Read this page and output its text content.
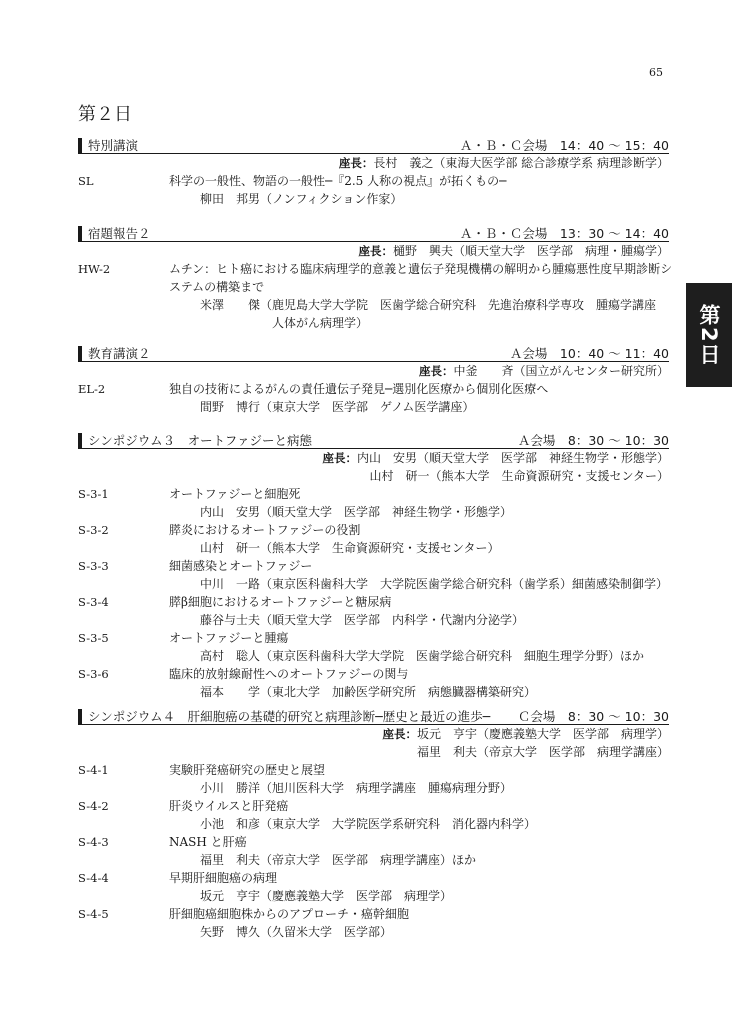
65
第２日
第2日
特別講演	Ａ・Ｂ・Ｃ会場　14：40 〜 15：40
座長： 長村　義之（東海大医学部 総合診療学系 病理診断学）
SL	科学の一般性、物語の一般性─『2.5 人称の視点』が拓くもの─
柳田　邦男（ノンフィクション作家）
宿題報告２	Ａ・Ｂ・Ｃ会場　13：30 〜 14：40
座長： 樋野　興夫（順天堂大学　医学部　病理・腫瘍学）
HW-2	ムチン：ヒト癌における臨床病理学的意義と遺伝子発現機構の解明から腫瘍悪性度早期診断シ
ステムの構築まで
米澤　　傑（鹿児島大学大学院　医歯学総合研究科　先進治療科学専攻　腫瘍学講座
人体がん病理学）
教育講演２	Ａ会場　10：40 〜 11：40
座長： 中釜　　斉（国立がんセンター研究所）
EL-2	独自の技術によるがんの責任遺伝子発見─選別化医療から個別化医療へ
間野　博行（東京大学　医学部　ゲノム医学講座）
シンポジウム３　オートファジーと病態	Ａ会場　8：30 〜 10：30
座長： 内山　安男（順天堂大学　医学部　神経生物学・形態学）
山村　研一（熊本大学　生命資源研究・支援センター）
S-3-1	オートファジーと細胞死
内山　安男（順天堂大学　医学部　神経生物学・形態学）
S-3-2	膵炎におけるオートファジーの役割
山村　研一（熊本大学　生命資源研究・支援センター）
S-3-3	細菌感染とオートファジー
中川　一路（東京医科歯科大学　大学院医歯学総合研究科（歯学系）細菌感染制御学）
S-3-4	膵β細胞におけるオートファジーと糖尿病
藤谷与士夫（順天堂大学　医学部　内科学・代謝内分泌学）
S-3-5	オートファジーと腫瘍
高村　聡人（東京医科歯科大学大学院　医歯学総合研究科　細胞生理学分野）ほか
S-3-6	臨床的放射線耐性へのオートファジーの関与
福本　　学（東北大学　加齢医学研究所　病態臓器構築研究）
シンポジウム４　肝細胞癌の基礎的研究と病理診断─歴史と最近の進歩─ Ｃ会場　8：30 〜 10：30
座長： 坂元　亨宇（慶應義塾大学　医学部　病理学）
福里　利夫（帝京大学　医学部　病理学講座）
S-4-1	実験肝発癌研究の歴史と展望
小川　勝洋（旭川医科大学　病理学講座　腫瘍病理分野）
S-4-2	肝炎ウイルスと肝発癌
小池　和彦（東京大学　大学院医学系研究科　消化器内科学）
S-4-3	NASH と肝癌
福里　利夫（帝京大学　医学部　病理学講座）ほか
S-4-4	早期肝細胞癌の病理
坂元　亨宇（慶應義塾大学　医学部　病理学）
S-4-5	肝細胞癌細胞株からのアプローチ・癌幹細胞
矢野　博久（久留米大学　医学部）
